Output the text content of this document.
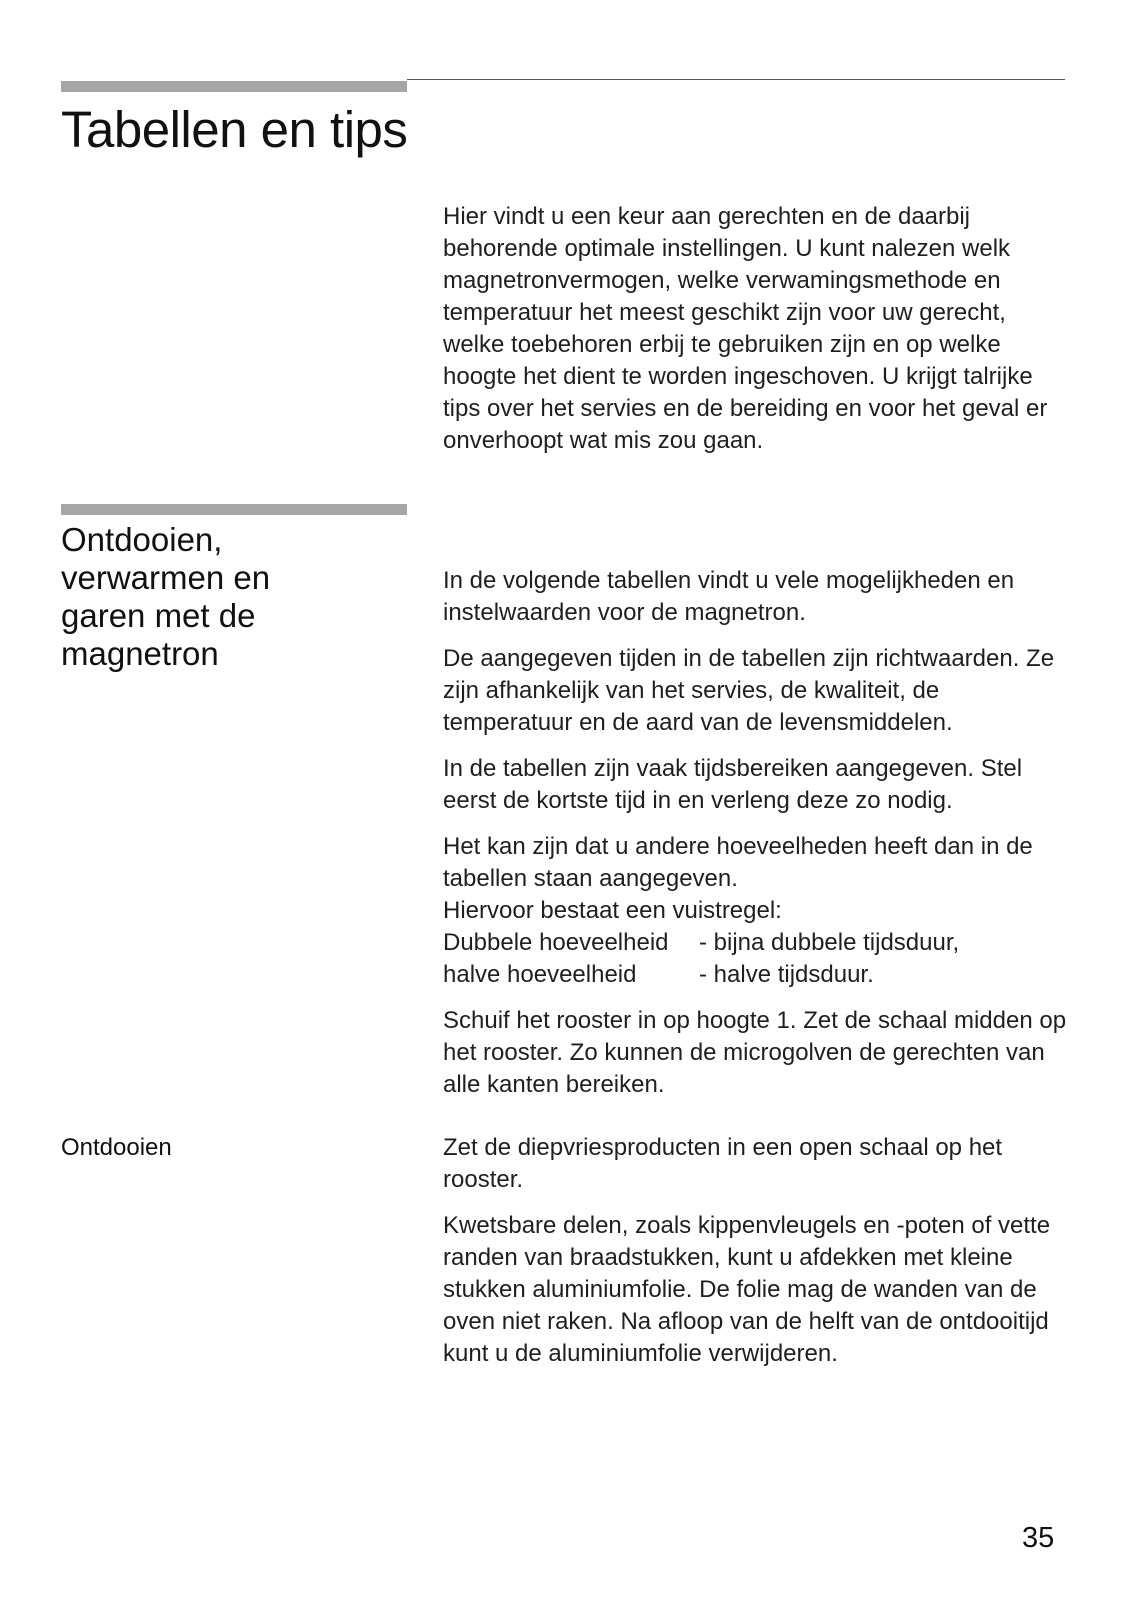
Tabellen en tips

Hier vindt u een keur aan gerechten en de daarbij behorende optimale instellingen. U kunt nalezen welk magnetronvermogen, welke verwamingsmethode en temperatuur het meest geschikt zijn voor uw gerecht, welke toebehoren erbij te gebruiken zijn en op welke hoogte het dient te worden ingeschoven. U krijgt talrijke tips over het servies en de bereiding en voor het geval er onverhoopt wat mis zou gaan.

Ontdooien,
verwarmen en
garen met de
magnetron

In de volgende tabellen vindt u vele mogelijkheden en instelwaarden voor de magnetron.

De aangegeven tijden in de tabellen zijn richtwaarden. Ze zijn afhankelijk van het servies, de kwaliteit, de temperatuur en de aard van de levensmiddelen.

In de tabellen zijn vaak tijdsbereiken aangegeven. Stel eerst de kortste tijd in en verleng deze zo nodig.

Het kan zijn dat u andere hoeveelheden heeft dan in de tabellen staan aangegeven.
Hiervoor bestaat een vuistregel:

Dubbele hoeveelheid	- bijna dubbele tijdsduur,
halve hoeveelheid	- halve tijdsduur.

Schuif het rooster in op hoogte 1. Zet de schaal midden op het rooster. Zo kunnen de microgolven de gerechten van alle kanten bereiken.

Ontdooien	Zet de diepvriesproducten in een open schaal op het rooster.

Kwetsbare delen, zoals kippenvleugels en -poten of vette randen van braadstukken, kunt u afdekken met kleine stukken aluminiumfolie. De folie mag de wanden van de oven niet raken. Na afloop van de helft van de ontdooitijd kunt u de aluminiumfolie verwijderen.

35
